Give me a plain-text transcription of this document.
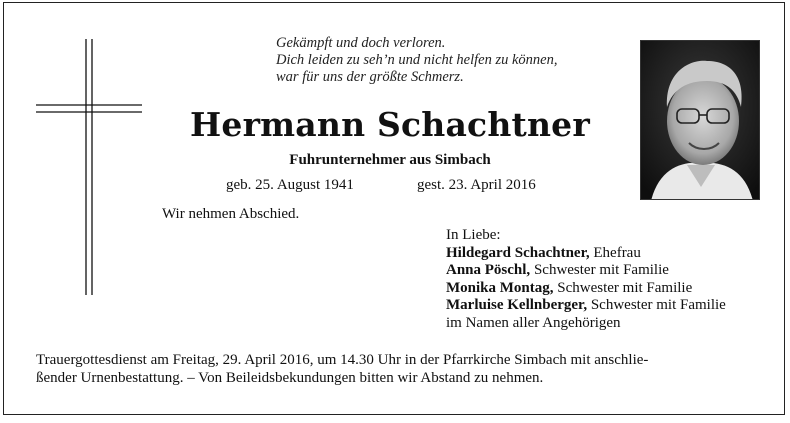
Gekämpft und doch verloren.
Dich leiden zu seh’n und nicht helfen zu können,
war für uns der größte Schmerz.
Hermann Schachtner
Fuhrunternehmer aus Simbach
geb. 25. August 1941	gest. 23. April 2016
Wir nehmen Abschied.
In Liebe:
Hildegard Schachtner, Ehefrau
Anna Pöschl, Schwester mit Familie
Monika Montag, Schwester mit Familie
Marluise Kellnberger, Schwester mit Familie
im Namen aller Angehörigen
Trauergottesdienst am Freitag, 29. April 2016, um 14.30 Uhr in der Pfarrkirche Simbach mit anschlie-
ßender Urnenbestattung. – Von Beileidsbekundungen bitten wir Abstand zu nehmen.
